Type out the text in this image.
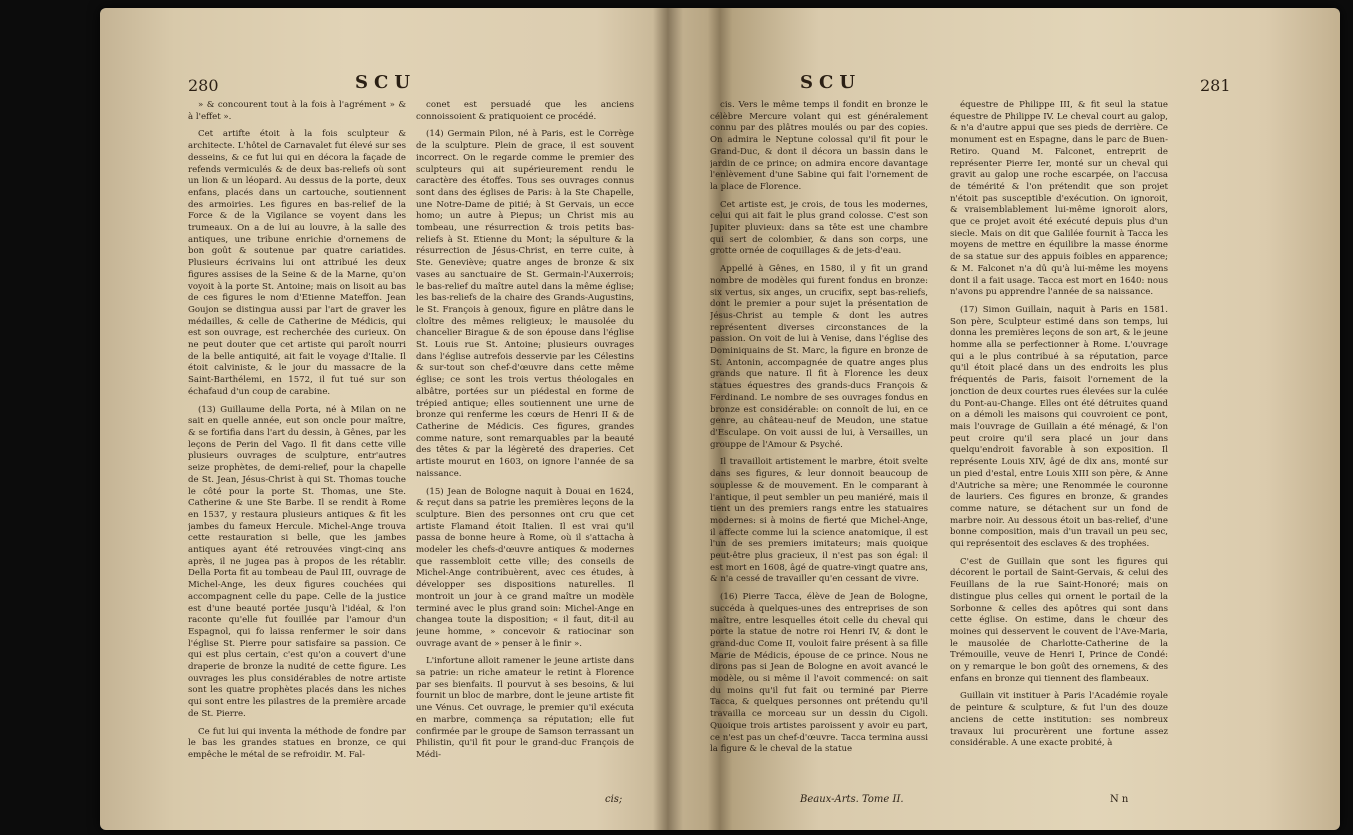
280	SCU

» & concourent tout à la fois à l'agrément » & à l'effet ».

Cet artifte étoit à la fois sculpteur & architecte. L'hôtel de Carnavalet fut élevé sur ses desseins, & ce fut lui qui en décora la façade de refends vermiculés & de deux bas-reliefs où sont un lion & un léopard. Au dessus de la porte, deux enfans, placés dans un cartouche, soutiennent des armoiries. Les figures en bas-relief de la Force & de la Vigilance se voyent dans les trumeaux. On a de lui au louvre, à la salle des antiques, une tribune enrichie d'ornemens de bon goût & soutenue par quatre cariatides. Plusieurs écrivains lui ont attribué les deux figures assises de la Seine & de la Marne, qu'on voyoit à la porte St. Antoine; mais on lisoit au bas de ces figures le nom d'Etienne Mateffon. Jean Goujon se distingua aussi par l'art de graver les médailles, & celle de Catherine de Médicis, qui est son ouvrage, est recherchée des curieux. On ne peut douter que cet artiste qui paroît nourri de la belle antiquité, ait fait le voyage d'Italie. Il étoit calviniste, & le jour du massacre de la Saint-Barthélemi, en 1572, il fut tué sur son échafaud d'un coup de carabine.

(13) Guillaume della Porta, né à Milan on ne sait en quelle année, eut son oncle pour maître, & se fortifia dans l'art du dessin, à Gênes, par les leçons de Perin del Vago. Il fit dans cette ville plusieurs ouvrages de sculpture, entr'autres seize prophètes, de demi-relief, pour la chapelle de St. Jean, Jésus-Christ à qui St. Thomas touche le côté pour la porte St. Thomas, une Ste. Catherine & une Ste Barbe. Il se rendit à Rome en 1537, y restaura plusieurs antiques & fit les jambes du fameux Hercule. Michel-Ange trouva cette restauration si belle, que les jambes antiques ayant été retrouvées vingt-cinq ans après, il ne jugea pas à propos de les rétablir. Della Porta fit au tombeau de Paul III, ouvrage de Michel-Ange, les deux figures couchées qui accompagnent celle du pape. Celle de la justice est d'une beauté portée jusqu'à l'idéal, & l'on raconte qu'elle fut fouillée par l'amour d'un Espagnol, qui fo laissa renfermer le soir dans l'église St. Pierre pour satisfaire sa passion. Ce qui est plus certain, c'est qu'on a couvert d'une draperie de bronze la nudité de cette figure. Les ouvrages les plus considérables de notre artiste sont les quatre prophètes placés dans les niches qui sont entre les pilastres de la première arcade de St. Pierre.

Ce fut lui qui inventa la méthode de fondre par le bas les grandes statues en bronze, ce qui empêche le métal de se refroidir. M. Fal-

conet est persuadé que les anciens connoissoient & pratiquoient ce procédé.

(14) Germain Pilon, né à Paris, est le Corrège de la sculpture. Plein de grace, il est souvent incorrect. On le regarde comme le premier des sculpteurs qui ait supérieurement rendu le caractère des étoffes. Tous ses ouvrages connus sont dans des églises de Paris: à la Ste Chapelle, une Notre-Dame de pitié; à St Gervais, un ecce homo; un autre à Piepus; un Christ mis au tombeau, une résurrection & trois petits bas-reliefs à St. Etienne du Mont; la sépulture & la résurrection de Jésus-Christ, en terre cuite, à Ste. Geneviève; quatre anges de bronze & six vases au sanctuaire de St. Germain-l'Auxerrois; le bas-relief du maître autel dans la même église; les bas-reliefs de la chaire des Grands-Augustins, le St. François à genoux, figure en plâtre dans le cloître des mêmes religieux; le mausolée du chancelier Birague & de son épouse dans l'église St. Louis rue St. Antoine; plusieurs ouvrages dans l'église autrefois desservie par les Célestins & sur-tout son chef-d'œuvre dans cette même église; ce sont les trois vertus théologales en albâtre, portées sur un piédestal en forme de trépied antique; elles soutiennent une urne de bronze qui renferme les cœurs de Henri II & de Catherine de Médicis. Ces figures, grandes comme nature, sont remarquables par la beauté des têtes & par la légèreté des draperies. Cet artiste mourut en 1603, on ignore l'année de sa naissance.

(15) Jean de Bologne naquit à Douai en 1624, & reçut dans sa patrie les premières leçons de la sculpture. Bien des personnes ont cru que cet artiste Flamand étoit Italien. Il est vrai qu'il passa de bonne heure à Rome, où il s'attacha à modeler les chefs-d'œuvre antiques & modernes que rassembloit cette ville; des conseils de Michel-Ange contribuèrent, avec ces études, à développer ses dispositions naturelles. Il montroit un jour à ce grand maître un modèle terminé avec le plus grand soin: Michel-Ange en changea toute la disposition; « il faut, dit-il au jeune homme, » concevoir & ratiocinar son ouvrage avant de » penser à le finir ».

L'infortune alloit ramener le jeune artiste dans sa patrie: un riche amateur le retint à Florence par ses bienfaits. Il pourvut à ses besoins, & lui fournit un bloc de marbre, dont le jeune artiste fit une Vénus. Cet ouvrage, le premier qu'il exécuta en marbre, commença sa réputation; elle fut confirmée par le groupe de Samson terrassant un Philistin, qu'il fit pour le grand-duc François de Médi-

cis;
SCU	281

cis. Vers le même temps il fondit en bronze le célèbre Mercure volant qui est généralement connu par des plâtres moulés ou par des copies. On admira le Neptune colossal qu'il fit pour le Grand-Duc, & dont il décora un bassin dans le jardin de ce prince; on admira encore davantage l'enlèvement d'une Sabine qui fait l'ornement de la place de Florence.

Cet artiste est, je crois, de tous les modernes, celui qui ait fait le plus grand colosse. C'est son Jupiter pluvieux: dans sa tête est une chambre qui sert de colombier, & dans son corps, une grotte ornée de coquillages & de jets-d'eau.

Appellé à Gênes, en 1580, il y fit un grand nombre de modèles qui furent fondus en bronze: six vertus, six anges, un crucifix, sept bas-reliefs, dont le premier a pour sujet la présentation de Jésus-Christ au temple & dont les autres représentent diverses circonstances de la passion. On voit de lui à Venise, dans l'église des Dominiquains de St. Marc, la figure en bronze de St. Antonin, accompagnée de quatre anges plus grands que nature. Il fit à Florence les deux statues équestres des grands-ducs François & Ferdinand. Le nombre de ses ouvrages fondus en bronze est considérable: on connoît de lui, en ce genre, au château-neuf de Meudon, une statue d'Esculape. On voit aussi de lui, à Versailles, un grouppe de l'Amour & Psyché.

Il travailloit artistement le marbre, étoit svelte dans ses figures, & leur donnoit beaucoup de souplesse & de mouvement. En le comparant à l'antique, il peut sembler un peu maniéré, mais il tient un des premiers rangs entre les statuaires modernes: si à moins de fierté que Michel-Ange, il affecte comme lui la science anatomique, il est l'un de ses premiers imitateurs; mais quoique peut-être plus gracieux, il n'est pas son égal: il est mort en 1608, âgé de quatre-vingt quatre ans, & n'a cessé de travailler qu'en cessant de vivre.

(16) Pierre Tacca, élève de Jean de Bologne, succéda à quelques-unes des entreprises de son maître, entre lesquelles étoit celle du cheval qui porte la statue de notre roi Henri IV, & dont le grand-duc Come II, vouloit faire présent à sa fille Marie de Médicis, épouse de ce prince. Nous ne dirons pas si Jean de Bologne en avoit avancé le modèle, ou si même il l'avoit commencé: on sait du moins qu'il fut fait ou terminé par Pierre Tacca, & quelques personnes ont prétendu qu'il travailla ce morceau sur un dessin du Cigoli. Quoique trois artistes paroissent y avoir eu part, ce n'est pas un chef-d'œuvre. Tacca termina aussi la figure & le cheval de la statue

équestre de Philippe III, & fit seul la statue équestre de Philippe IV. Le cheval court au galop, & n'a d'autre appui que ses pieds de derrière. Ce monument est en Espagne, dans le parc de Buen-Retiro. Quand M. Falconet, entreprit de représenter Pierre Ier, monté sur un cheval qui gravit au galop une roche escarpée, on l'accusa de témérité & l'on prétendit que son projet n'étoit pas susceptible d'exécution. On ignoroit, & vraisemblablement lui-même ignoroit alors, que ce projet avoit été exécuté depuis plus d'un siecle. Mais on dit que Galilée fournit à Tacca les moyens de mettre en équilibre la masse énorme de sa statue sur des appuis foibles en apparence; & M. Falconet n'a dû qu'à lui-même les moyens dont il a fait usage. Tacca est mort en 1640: nous n'avons pu apprendre l'année de sa naissance.

(17) Simon Guillain, naquit à Paris en 1581. Son père, Sculpteur estimé dans son temps, lui donna les premières leçons de son art, & le jeune homme alla se perfectionner à Rome. L'ouvrage qui a le plus contribué à sa réputation, parce qu'il étoit placé dans un des endroits les plus fréquentés de Paris, faisoit l'ornement de la jonction de deux courtes rues élevées sur la culée du Pont-au-Change. Elles ont été détruites quand on a démoli les maisons qui couvroient ce pont, mais l'ouvrage de Guillain a été ménagé, & l'on peut croire qu'il sera placé un jour dans quelqu'endroit favorable à son exposition. Il représente Louis XIV, âgé de dix ans, monté sur un pied d'estal, entre Louis XIII son père, & Anne d'Autriche sa mère; une Renommée le couronne de lauriers. Ces figures en bronze, & grandes comme nature, se détachent sur un fond de marbre noir. Au dessous étoit un bas-relief, d'une bonne composition, mais d'un travail un peu sec, qui représentoit des esclaves & des trophées.

C'est de Guillain que sont les figures qui décorent le portail de Saint-Gervais, & celui des Feuillans de la rue Saint-Honoré; mais on distingue plus celles qui ornent le portail de la Sorbonne & celles des apôtres qui sont dans cette église. On estime, dans le chœur des moines qui desservent le couvent de l'Ave-Maria, le mausolée de Charlotte-Catherine de la Trémouille, veuve de Henri I, Prince de Condé: on y remarque le bon goût des ornemens, & des enfans en bronze qui tiennent des flambeaux.

Guillain vit instituer à Paris l'Académie royale de peinture & sculpture, & fut l'un des douze anciens de cette institution: ses nombreux travaux lui procurèrent une fortune assez considérable. A une exacte probité, à

Beaux-Arts. Tome II.	N n
